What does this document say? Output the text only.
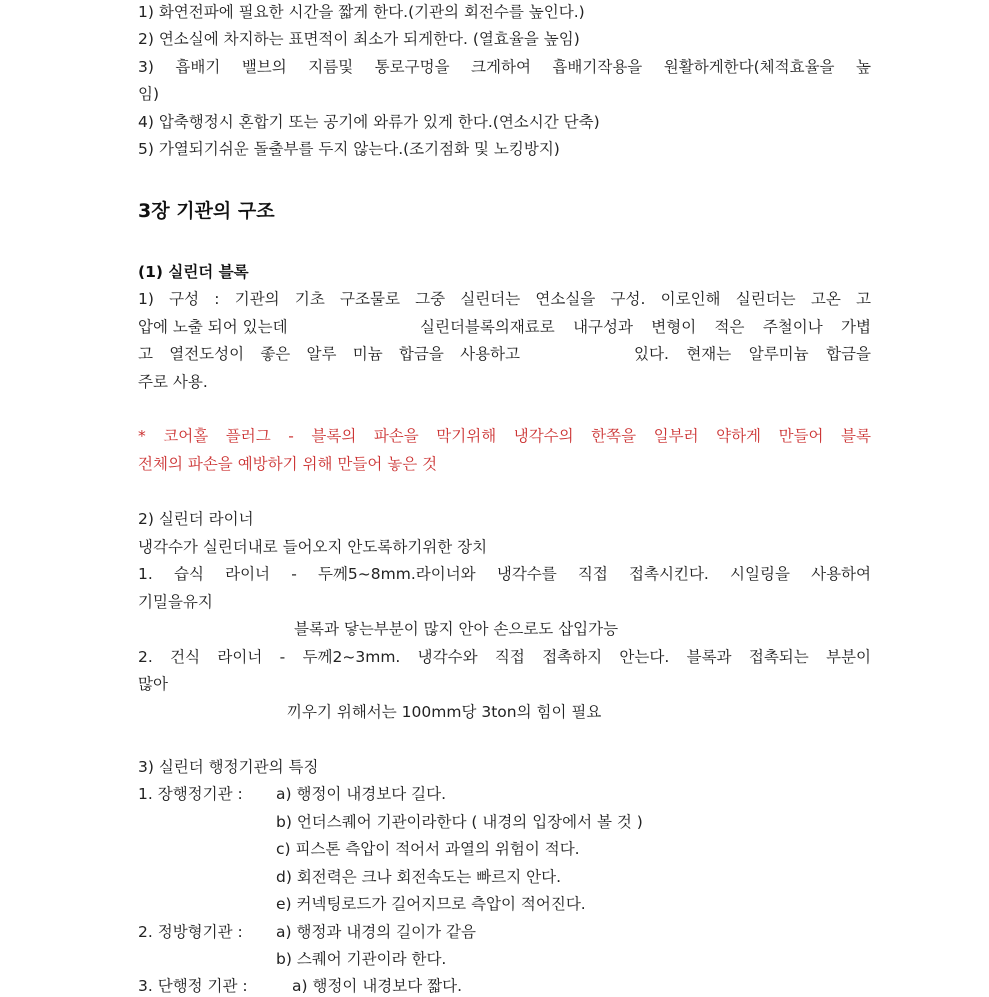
1) 화연전파에 필요한 시간을 짧게 한다.(기관의 회전수를 높인다.)
2) 연소실에 차지하는 표면적이 최소가 되게한다. (열효율을 높임)
3) 흡배기 밸브의 지름및 통로구멍을 크게하여 흡배기작용을 원활하게한다(체적효율을 높
임)
4) 압축행정시 혼합기 또는 공기에 와류가 있게 한다.(연소시간 단축)
5) 가열되기쉬운 돌출부를 두지 않는다.(조기점화 및 노킹방지)
3장 기관의 구조
(1) 실린더 블록
1) 구성 : 기관의 기초 구조물로 그중 실린더는 연소실을 구성. 이로인해 실린더는 고온 고
압에 노출 되어 있는데	실린더블록의재료로 내구성과 변형이 적은 주철이나 가볍
고 열전도성이 좋은 알루 미늄 합금을 사용하고	있다. 현재는 알루미늄 합금을
주로 사용.
* 코어홀 플러그 - 블록의 파손을 막기위해 냉각수의 한쪽을 일부러 약하게 만들어 블록
전체의 파손을 예방하기 위해 만들어 놓은 것
2) 실린더 라이너
냉각수가 실린더내로 들어오지 안도록하기위한 장치
1. 습식 라이너 - 두께5~8mm.라이너와 냉각수를 직접 접촉시킨다. 시일링을 사용하여
기밀을유지
블록과 닿는부분이 많지 안아 손으로도 삽입가능
2. 건식 라이너 - 두께2~3mm. 냉각수와 직접 접촉하지 안는다. 블록과 접촉되는 부분이
많아
끼우기 위해서는 100mm당 3ton의 힘이 필요
3) 실린더 행정기관의 특징
1. 장행정기관 : a) 행정이 내경보다 길다.
b) 언더스퀘어 기관이라한다 ( 내경의 입장에서 볼 것 )
c) 피스톤 측압이 적어서 과열의 위험이 적다.
d) 회전력은 크나 회전속도는 빠르지 안다.
e) 커넥팅로드가 길어지므로 측압이 적어진다.
2. 정방형기관 : a) 행정과 내경의 길이가 같음
b) 스퀘어 기관이라 한다.
3. 단행정 기관 :	a) 행정이 내경보다 짧다.
